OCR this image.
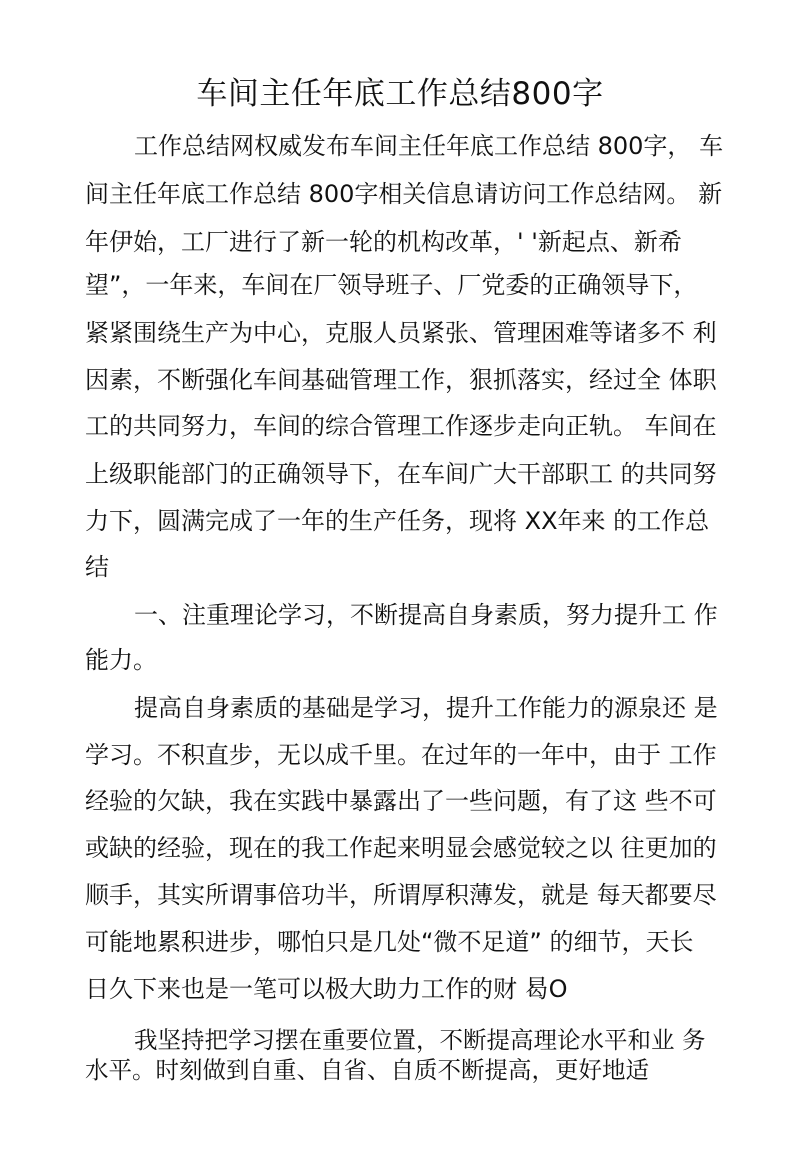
车间主任年底工作总结800字

工作总结网权威发布车间主任年底工作总结 800字， 车

间主任年底工作总结 800字相关信息请访问工作总结网。 新

年伊始，工厂进行了新一轮的机构改革，' '新起点、新希

望”，一年来，车间在厂领导班子、厂党委的正确领导下，

紧紧围绕生产为中心，克服人员紧张、管理困难等诸多不 利

因素，不断强化车间基础管理工作，狠抓落实，经过全 体职

工的共同努力，车间的综合管理工作逐步走向正轨。 车间在

上级职能部门的正确领导下，在车间广大干部职工 的共同努

力下，圆满完成了一年的生产任务，现将 XX年来 的工作总

结

一、注重理论学习，不断提高自身素质，努力提升工 作

能力。

提高自身素质的基础是学习，提升工作能力的源泉还 是

学习。不积直步，无以成千里。在过年的一年中，由于 工作

经验的欠缺，我在实践中暴露出了一些问题，有了这 些不可

或缺的经验，现在的我工作起来明显会感觉较之以 往更加的

顺手，其实所谓事倍功半，所谓厚积薄发，就是 每天都要尽

可能地累积进步，哪怕只是几处“微不足道” 的细节，天长

日久下来也是一笔可以极大助力工作的财 曷O

我坚持把学习摆在重要位置，不断提高理论水平和业 务

水平。时刻做到自重、自省、自质不断提高，更好地适
